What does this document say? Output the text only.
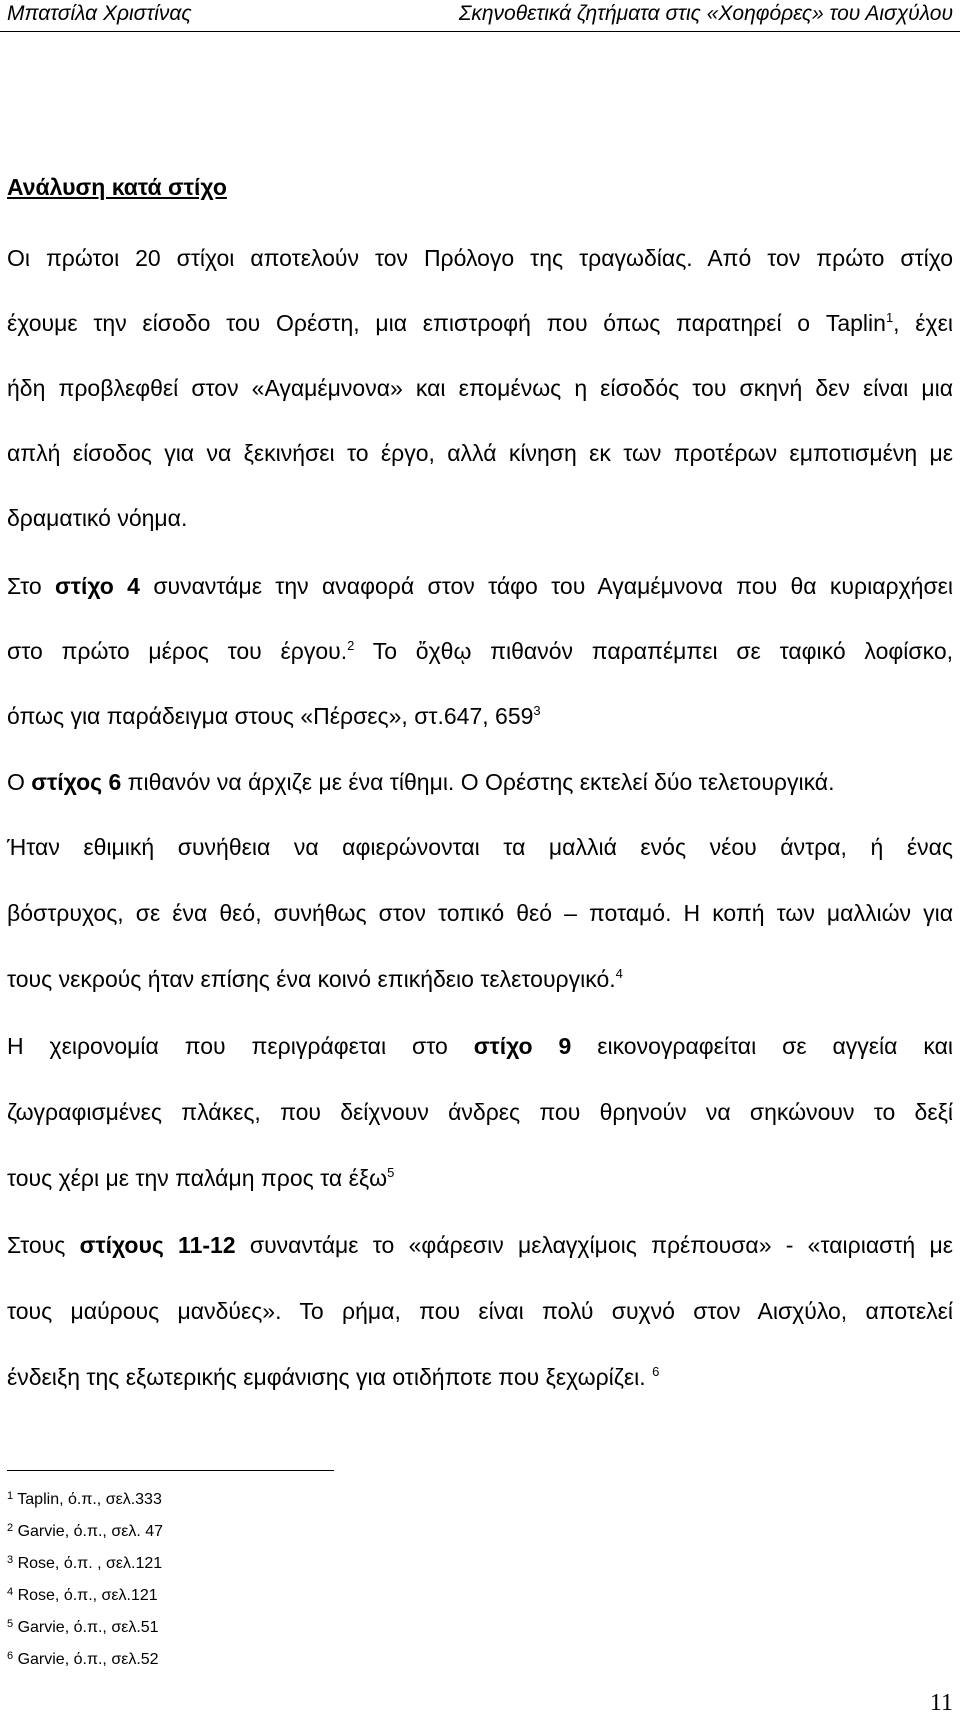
Μπατσίλα Χριστίνας	Σκηνοθετικά ζητήματα στις «Χοηφόρες» του Αισχύλου
Ανάλυση κατά στίχο
Οι πρώτοι 20 στίχοι αποτελούν τον Πρόλογο της τραγωδίας. Από τον πρώτο στίχο
έχουμε την είσοδο του Ορέστη, μια επιστροφή που όπως παρατηρεί ο Taplin$^1$, έχει
ήδη προβλεφθεί στον «Αγαμέμνονα» και επομένως η είσοδός του σκηνή δεν είναι μια
απλή είσοδος για να ξεκινήσει το έργο, αλλά κίνηση εκ των προτέρων εμποτισμένη με
δραματικό νόημα.
Στο στίχο 4 συναντάμε την αναφορά στον τάφο του Αγαμέμνονα που θα κυριαρχήσει
στο πρώτο μέρος του έργου.$^2$ Το ὄχθῳ πιθανόν παραπέμπει σε ταφικό λοφίσκο,
όπως για παράδειγμα στους «Πέρσες», στ.647, $659^3$
Ο στίχος 6 πιθανόν να άρχιζε με ένα τίθημι. Ο Ορέστης εκτελεί δύο τελετουργικά.
Ήταν εθιμική συνήθεια να αφιερώνονται τα μαλλιά ενός νέου άντρα, ή ένας
βόστρυχος, σε ένα θεό, συνήθως στον τοπικό θεό – ποταμό. Η κοπή των μαλλιών για
τους νεκρούς ήταν επίσης ένα κοινό επικήδειο τελετουργικό.$^4$
Η χειρονομία που περιγράφεται στο στίχο 9 εικονογραφείται σε αγγεία και
ζωγραφισμένες πλάκες, που δείχνουν άνδρες που θρηνούν να σηκώνουν το δεξί
τους χέρι με την παλάμη προς τα έξω$^5$
Στους στίχους 11-12 συναντάμε το «φάρεσιν μελαγχίμοις πρέπουσα» - «ταιριαστή με
τους μαύρους μανδύες». Το ρήμα, που είναι πολύ συχνό στον Αισχύλο, αποτελεί
ένδειξη της εξωτερικής εμφάνισης για οτιδήποτε που ξεχωρίζει. $^6$
$^1$ Taplin, ό.π., σελ.333
$^2$ Garvie, ό.π., σελ. 47
$^3$ Rose, ό.π. , σελ.121
$^4$ Rose, ό.π., σελ.121
$^5$ Garvie, ό.π., σελ.51
$^6$ Garvie, ό.π., σελ.52
11
